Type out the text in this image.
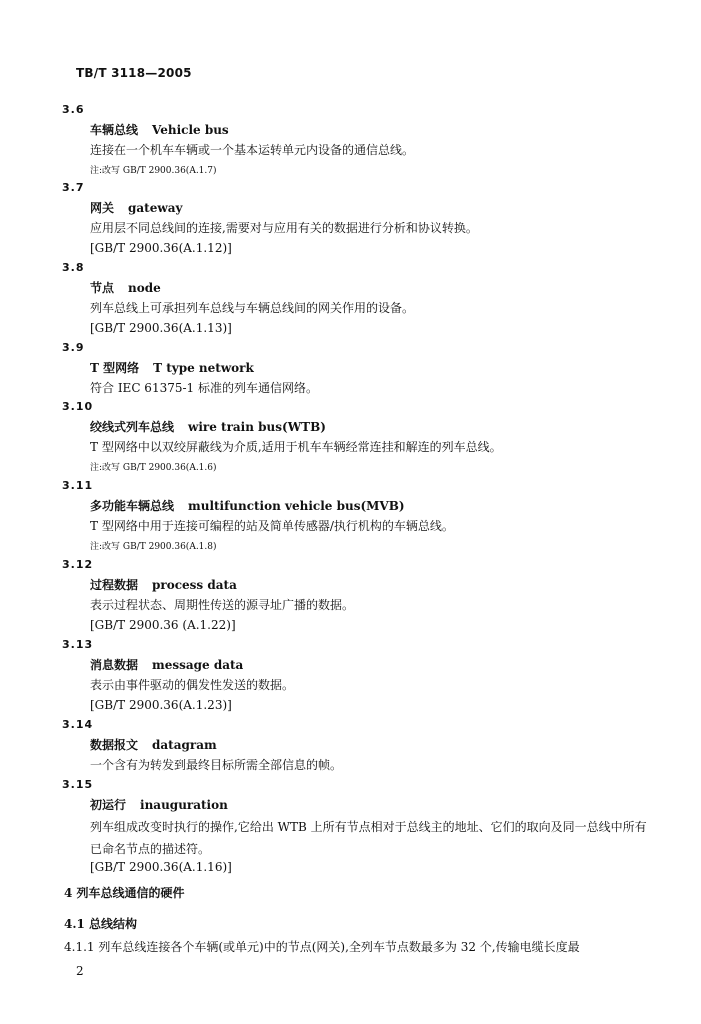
TB/T 3118—2005
3.6
车辆总线 Vehicle bus
连接在一个机车车辆或一个基本运转单元内设备的通信总线。
注:改写 GB/T 2900.36(A.1.7)
3.7
网关 gateway
应用层不同总线间的连接,需要对与应用有关的数据进行分析和协议转换。
[GB/T 2900.36(A.1.12)]
3.8
节点 node
列车总线上可承担列车总线与车辆总线间的网关作用的设备。
[GB/T 2900.36(A.1.13)]
3.9
T 型网络 T type network
符合 IEC 61375-1 标准的列车通信网络。
3.10
绞线式列车总线 wire train bus(WTB)
T 型网络中以双绞屏蔽线为介质,适用于机车车辆经常连挂和解连的列车总线。
注:改写 GB/T 2900.36(A.1.6)
3.11
多功能车辆总线 multifunction vehicle bus(MVB)
T 型网络中用于连接可编程的站及简单传感器/执行机构的车辆总线。
注:改写 GB/T 2900.36(A.1.8)
3.12
过程数据 process data
表示过程状态、周期性传送的源寻址广播的数据。
[GB/T 2900.36 (A.1.22)]
3.13
消息数据 message data
表示由事件驱动的偶发性发送的数据。
[GB/T 2900.36(A.1.23)]
3.14
数据报文 datagram
一个含有为转发到最终目标所需全部信息的帧。
3.15
初运行 inauguration
列车组成改变时执行的操作,它给出 WTB 上所有节点相对于总线主的地址、它们的取向及同一总线中所有已命名节点的描述符。
[GB/T 2900.36(A.1.16)]
4 列车总线通信的硬件
4.1 总线结构
4.1.1 列车总线连接各个车辆(或单元)中的节点(网关),全列车节点数最多为 32 个,传输电缆长度最
2
